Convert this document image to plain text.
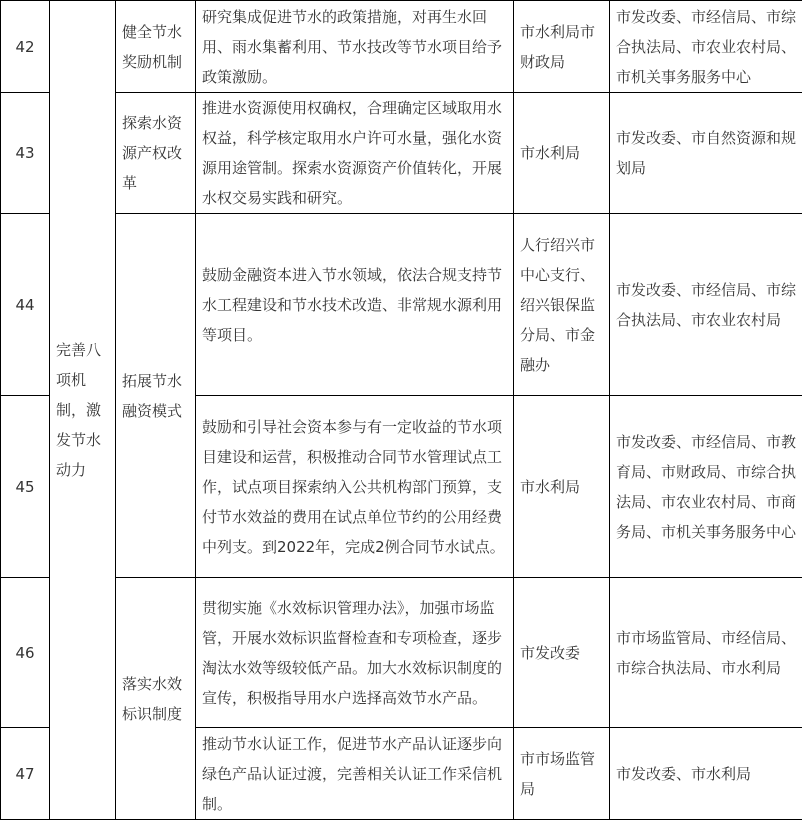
42	完善八项机制，激发节水动力	健全节水奖励机制	研究集成促进节水的政策措施，对再生水回用、雨水集蓄利用、节水技改等节水项目给予政策激励。	市水利局市财政局	市发改委、市经信局、市综合执法局、市农业农村局、市机关事务服务中心
43		探索水资源产权改革	推进水资源使用权确权，合理确定区域取用水权益，科学核定取用水户许可水量，强化水资源用途管制。探索水资源资产价值转化，开展水权交易实践和研究。	市水利局	市发改委、市自然资源和规划局
44		拓展节水融资模式	鼓励金融资本进入节水领域，依法合规支持节水工程建设和节水技术改造、非常规水源利用等项目。	人行绍兴市中心支行、绍兴银保监分局、市金融办	市发改委、市经信局、市综合执法局、市农业农村局
45			鼓励和引导社会资本参与有一定收益的节水项目建设和运营，积极推动合同节水管理试点工作，试点项目探索纳入公共机构部门预算，支付节水效益的费用在试点单位节约的公用经费中列支。到2022年，完成2例合同节水试点。	市水利局	市发改委、市经信局、市教育局、市财政局、市综合执法局、市农业农村局、市商务局、市机关事务服务中心
46		落实水效标识制度	贯彻实施《水效标识管理办法》，加强市场监管，开展水效标识监督检查和专项检查，逐步淘汰水效等级较低产品。加大水效标识制度的宣传，积极指导用水户选择高效节水产品。	市发改委	市市场监管局、市经信局、市综合执法局、市水利局
47			推动节水认证工作，促进节水产品认证逐步向绿色产品认证过渡，完善相关认证工作采信机制。	市市场监管局	市发改委、市水利局
